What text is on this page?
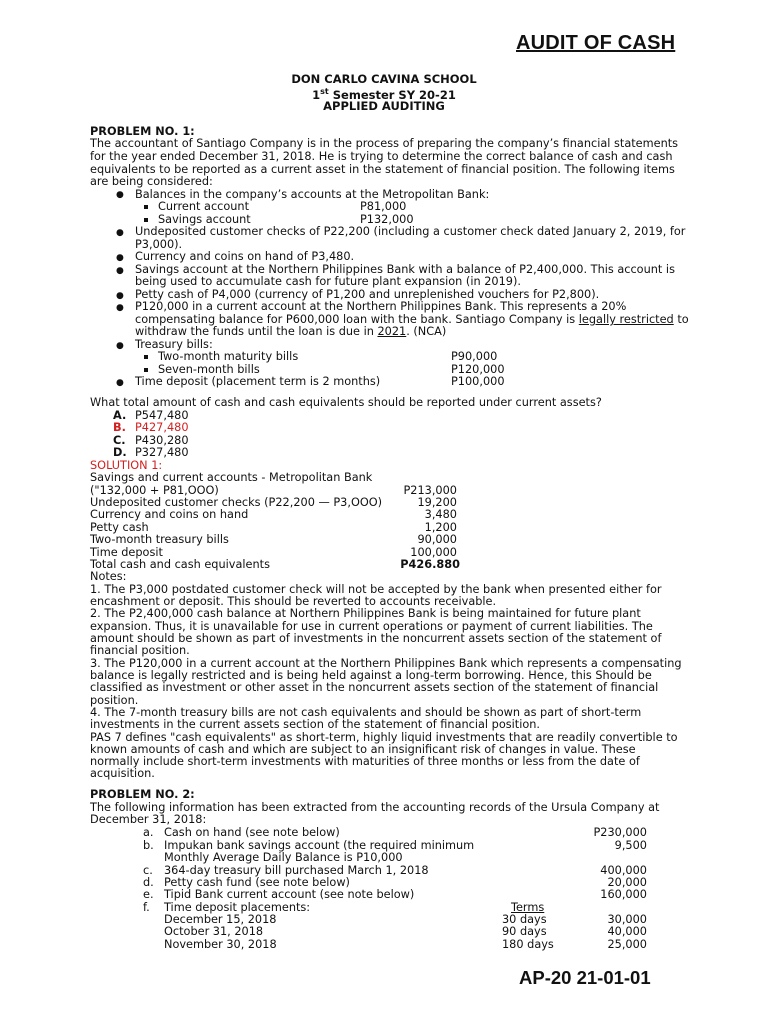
AUDIT OF CASH
DON CARLO CAVINA SCHOOL
1st Semester SY 20-21
APPLIED AUDITING
PROBLEM NO. 1:
The accountant of Santiago Company is in the process of preparing the company’s financial statements
for the year ended December 31, 2018. He is trying to determine the correct balance of cash and cash
equivalents to be reported as a current asset in the statement of financial position. The following items
are being considered:
● Balances in the company’s accounts at the Metropolitan Bank:
Current account	P81,000
Savings account	P132,000
● Undeposited customer checks of P22,200 (including a customer check dated January 2, 2019, for
P3,000).
● Currency and coins on hand of P3,480.
● Savings account at the Northern Philippines Bank with a balance of P2,400,000. This account is
being used to accumulate cash for future plant expansion (in 2019).
● Petty cash of P4,000 (currency of P1,200 and unreplenished vouchers for P2,800).
● P120,000 in a current account at the Northern Philippines Bank. This represents a 20%
compensating balance for P600,000 loan with the bank. Santiago Company is legally restricted to
withdraw the funds until the loan is due in 2021. (NCA)
● Treasury bills:
Two-month maturity bills	P90,000
Seven-month bills	P120,000
● Time deposit (placement term is 2 months)	P100,000
What total amount of cash and cash equivalents should be reported under current assets?
A. P547,480
B. P427,480
C. P430,280
D. P327,480
SOLUTION 1:
Savings and current accounts - Metropolitan Bank
("132,000 + P81,OOO)	P213,000
Undeposited customer checks (P22,200 — P3,OOO)	19,200
Currency and coins on hand	3,480
Petty cash	1,200
Two-month treasury bills	90,000
Time deposit	100,000
Total cash and cash equivalents	P426.880
Notes:
1. The P3,000 postdated customer check will not be accepted by the bank when presented either for
encashment or deposit. This should be reverted to accounts receivable.
2. The P2,400,000 cash balance at Northern Philippines Bank is being maintained for future plant
expansion. Thus, it is unavailable for use in current operations or payment of current liabilities. The
amount should be shown as part of investments in the noncurrent assets section of the statement of
financial position.
3. The P120,000 in a current account at the Northern Philippines Bank which represents a compensating
balance is legally restricted and is being held against a long-term borrowing. Hence, this Should be
classified as investment or other asset in the noncurrent assets section of the statement of financial
position.
4. The 7-month treasury bills are not cash equivalents and should be shown as part of short-term
investments in the current assets section of the statement of financial position.
PAS 7 defines "cash equivalents" as short-term, highly liquid investments that are readily convertible to
known amounts of cash and which are subject to an insignificant risk of changes in value. These
normally include short-term investments with maturities of three months or less from the date of
acquisition.
PROBLEM NO. 2:
The following information has been extracted from the accounting records of the Ursula Company at
December 31, 2018:
a. Cash on hand (see note below)	P230,000
b. Impukan bank savings account (the required minimum	9,500
Monthly Average Daily Balance is P10,000
c. 364-day treasury bill purchased March 1, 2018	400,000
d. Petty cash fund (see note below)	20,000
e. Tipid Bank current account (see note below)	160,000
f. Time deposit placements:	Terms
December 15, 2018	30 days	30,000
October 31, 2018	90 days	40,000
November 30, 2018	180 days	25,000
AP-20 21-01-01
